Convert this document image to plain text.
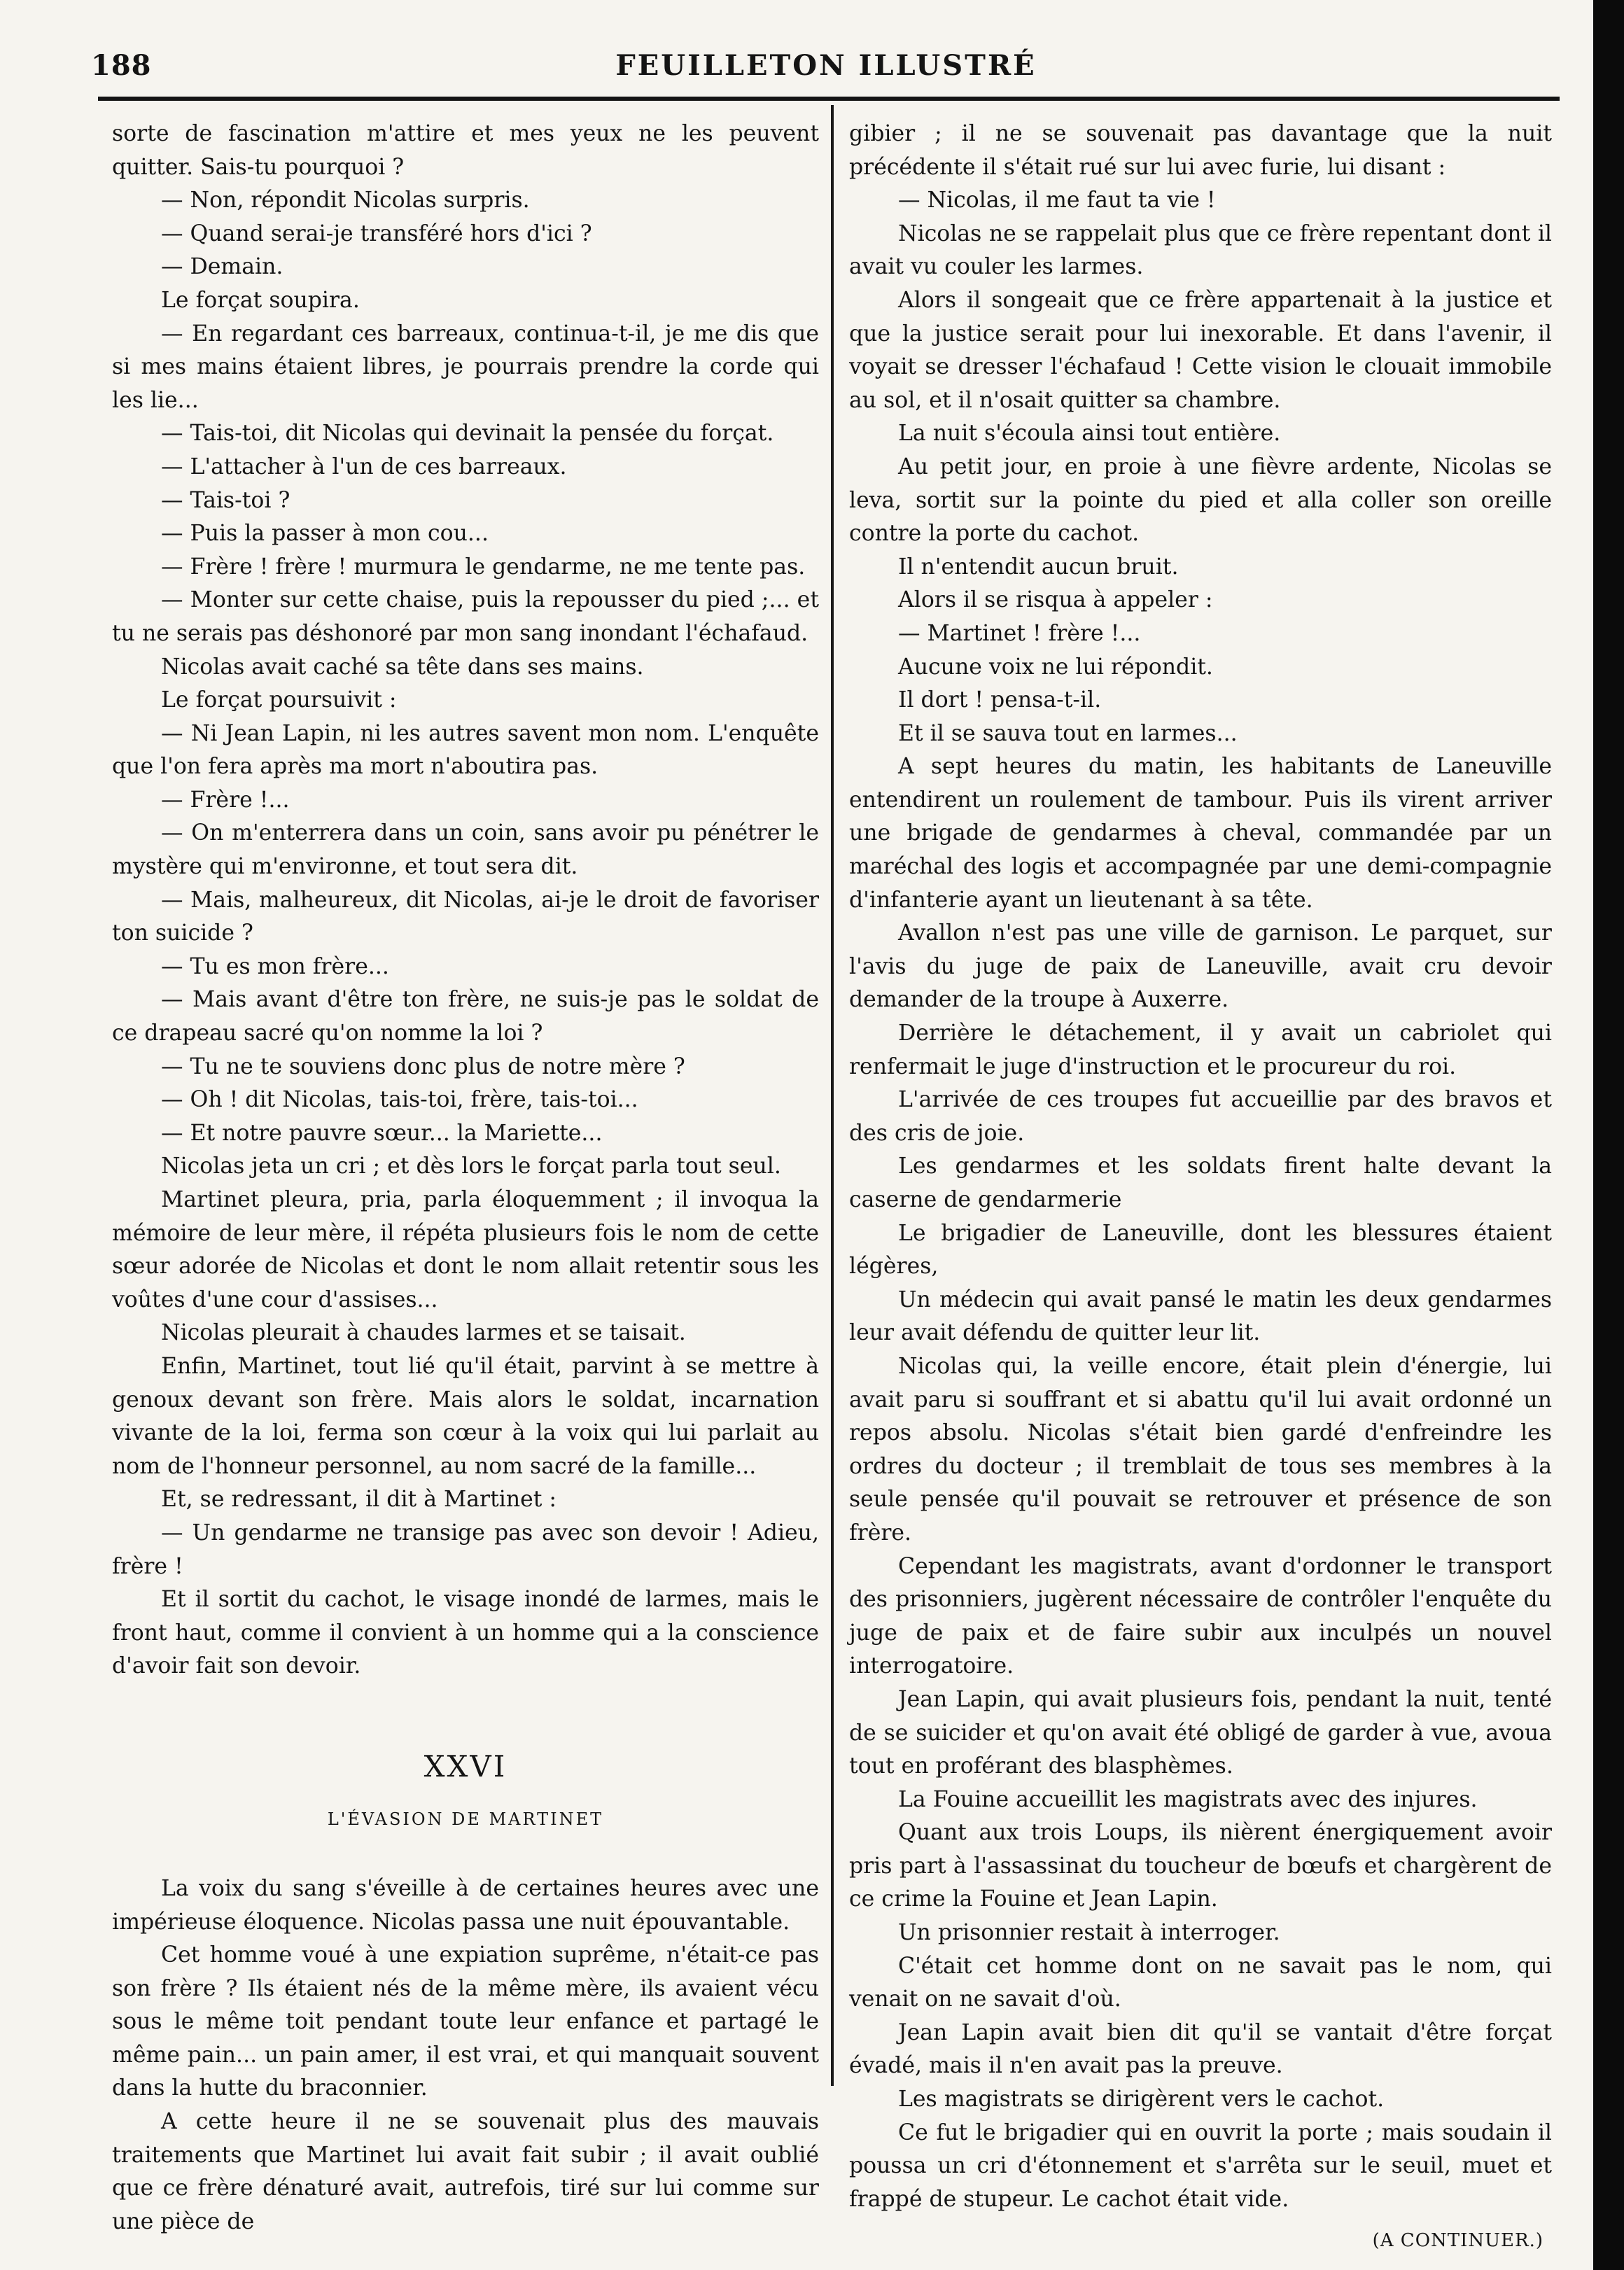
188	FEUILLETON ILLUSTRÉ

sorte de fascination m'attire et mes yeux ne les peuvent quitter. Sais-tu pourquoi ?

— Non, répondit Nicolas surpris.

— Quand serai-je transféré hors d'ici ?

— Demain.

Le forçat soupira.

— En regardant ces barreaux, continua-t-il, je me dis que si mes mains étaient libres, je pourrais prendre la corde qui les lie...

— Tais-toi, dit Nicolas qui devinait la pensée du forçat.

— L'attacher à l'un de ces barreaux.

— Tais-toi ?

— Puis la passer à mon cou...

— Frère ! frère ! murmura le gendarme, ne me tente pas.

— Monter sur cette chaise, puis la repousser du pied ;... et tu ne serais pas déshonoré par mon sang inondant l'échafaud.

Nicolas avait caché sa tête dans ses mains.

Le forçat poursuivit :

— Ni Jean Lapin, ni les autres savent mon nom. L'enquête que l'on fera après ma mort n'aboutira pas.

— Frère !...

— On m'enterrera dans un coin, sans avoir pu pénétrer le mystère qui m'environne, et tout sera dit.

— Mais, malheureux, dit Nicolas, ai-je le droit de favoriser ton suicide ?

— Tu es mon frère...

— Mais avant d'être ton frère, ne suis-je pas le soldat de ce drapeau sacré qu'on nomme la loi ?

— Tu ne te souviens donc plus de notre mère ?

— Oh ! dit Nicolas, tais-toi, frère, tais-toi...

— Et notre pauvre sœur... la Mariette...

Nicolas jeta un cri ; et dès lors le forçat parla tout seul.

Martinet pleura, pria, parla éloquemment ; il invoqua la mémoire de leur mère, il répéta plusieurs fois le nom de cette sœur adorée de Nicolas et dont le nom allait retentir sous les voûtes d'une cour d'assises...

Nicolas pleurait à chaudes larmes et se taisait.

Enfin, Martinet, tout lié qu'il était, parvint à se mettre à genoux devant son frère. Mais alors le soldat, incarnation vivante de la loi, ferma son cœur à la voix qui lui parlait au nom de l'honneur personnel, au nom sacré de la famille...

Et, se redressant, il dit à Martinet :

— Un gendarme ne transige pas avec son devoir ! Adieu, frère !

Et il sortit du cachot, le visage inondé de larmes, mais le front haut, comme il convient à un homme qui a la conscience d'avoir fait son devoir.

XXVI
L'ÉVASION DE MARTINET

La voix du sang s'éveille à de certaines heures avec une impérieuse éloquence. Nicolas passa une nuit épouvantable.

Cet homme voué à une expiation suprême, n'était-ce pas son frère ? Ils étaient nés de la même mère, ils avaient vécu sous le même toit pendant toute leur enfance et partagé le même pain... un pain amer, il est vrai, et qui manquait souvent dans la hutte du braconnier.

A cette heure il ne se souvenait plus des mauvais traitements que Martinet lui avait fait subir ; il avait oublié que ce frère dénaturé avait, autrefois, tiré sur lui comme sur une pièce de

gibier ; il ne se souvenait pas davantage que la nuit précédente il s'était rué sur lui avec furie, lui disant :

— Nicolas, il me faut ta vie !

Nicolas ne se rappelait plus que ce frère repentant dont il avait vu couler les larmes.

Alors il songeait que ce frère appartenait à la justice et que la justice serait pour lui inexorable. Et dans l'avenir, il voyait se dresser l'échafaud ! Cette vision le clouait immobile au sol, et il n'osait quitter sa chambre.

La nuit s'écoula ainsi tout entière.

Au petit jour, en proie à une fièvre ardente, Nicolas se leva, sortit sur la pointe du pied et alla coller son oreille contre la porte du cachot.

Il n'entendit aucun bruit.

Alors il se risqua à appeler :

— Martinet ! frère !...

Aucune voix ne lui répondit.

Il dort ! pensa-t-il.

Et il se sauva tout en larmes...

A sept heures du matin, les habitants de Laneuville entendirent un roulement de tambour. Puis ils virent arriver une brigade de gendarmes à cheval, commandée par un maréchal des logis et accompagnée par une demi-compagnie d'infanterie ayant un lieutenant à sa tête.

Avallon n'est pas une ville de garnison. Le parquet, sur l'avis du juge de paix de Laneuville, avait cru devoir demander de la troupe à Auxerre.

Derrière le détachement, il y avait un cabriolet qui renfermait le juge d'instruction et le procureur du roi.

L'arrivée de ces troupes fut accueillie par des bravos et des cris de joie.

Les gendarmes et les soldats firent halte devant la caserne de gendarmerie

Le brigadier de Laneuville, dont les blessures étaient légères,

Un médecin qui avait pansé le matin les deux gendarmes leur avait défendu de quitter leur lit.

Nicolas qui, la veille encore, était plein d'énergie, lui avait paru si souffrant et si abattu qu'il lui avait ordonné un repos absolu. Nicolas s'était bien gardé d'enfreindre les ordres du docteur ; il tremblait de tous ses membres à la seule pensée qu'il pouvait se retrouver et présence de son frère.

Cependant les magistrats, avant d'ordonner le transport des prisonniers, jugèrent nécessaire de contrôler l'enquête du juge de paix et de faire subir aux inculpés un nouvel interrogatoire.

Jean Lapin, qui avait plusieurs fois, pendant la nuit, tenté de se suicider et qu'on avait été obligé de garder à vue, avoua tout en proférant des blasphèmes.

La Fouine accueillit les magistrats avec des injures.

Quant aux trois Loups, ils nièrent énergiquement avoir pris part à l'assassinat du toucheur de bœufs et chargèrent de ce crime la Fouine et Jean Lapin.

Un prisonnier restait à interroger.

C'était cet homme dont on ne savait pas le nom, qui venait on ne savait d'où.

Jean Lapin avait bien dit qu'il se vantait d'être forçat évadé, mais il n'en avait pas la preuve.

Les magistrats se dirigèrent vers le cachot.

Ce fut le brigadier qui en ouvrit la porte ; mais soudain il poussa un cri d'étonnement et s'arrêta sur le seuil, muet et frappé de stupeur. Le cachot était vide.

(A CONTINUER.)
